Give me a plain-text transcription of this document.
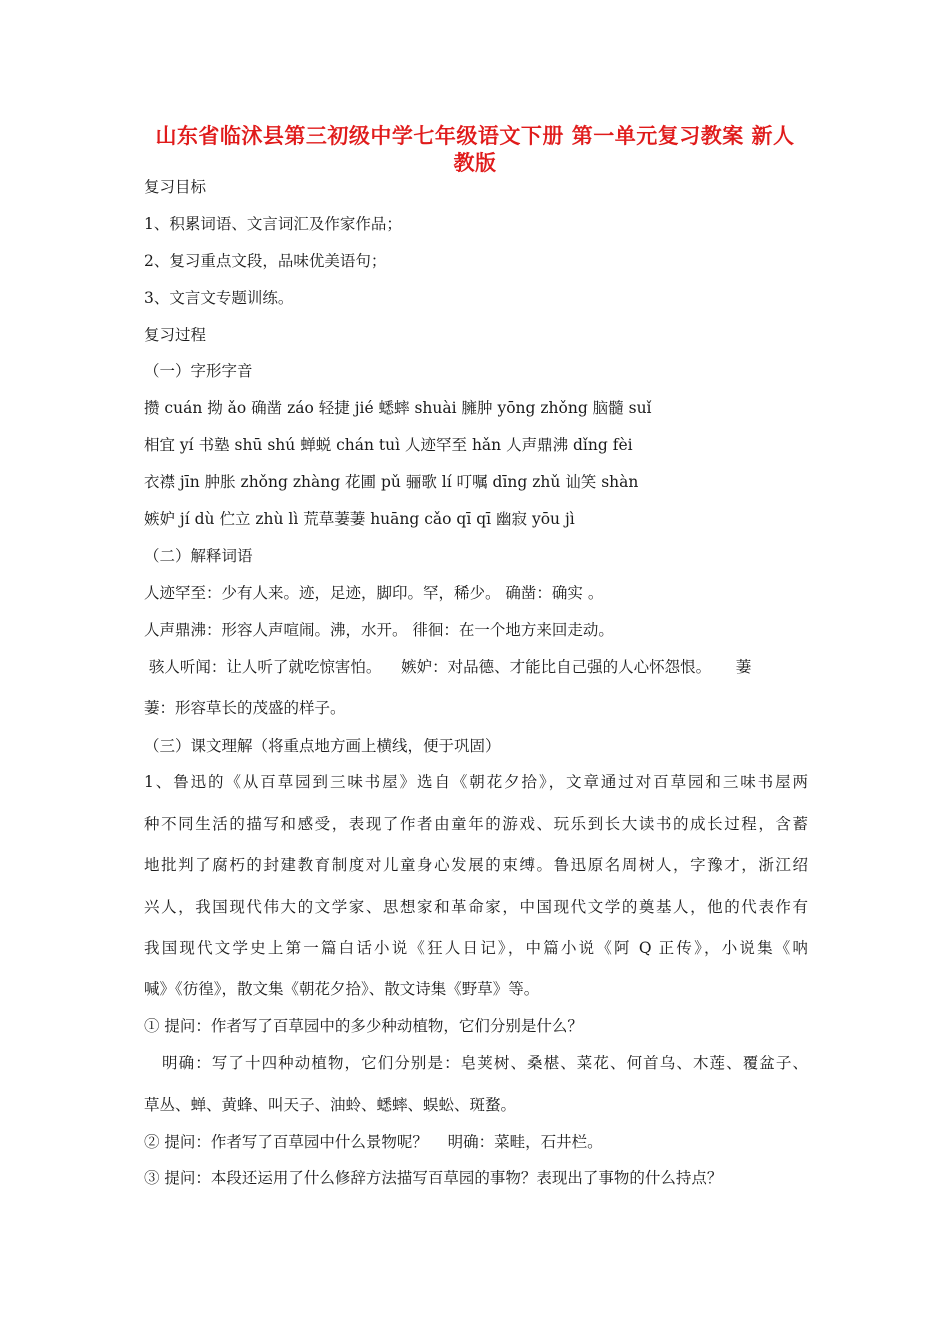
山东省临沭县第三初级中学七年级语文下册 第一单元复习教案 新人
教版
复习目标
1、积累词语、文言词汇及作家作品；
2、复习重点文段，品味优美语句；
3、文言文专题训练。
复习过程
（一）字形字音
攒 cuán 拗 ǎo 确凿 záo 轻捷 jié 蟋蟀 shuài 臃肿 yōng zhǒng 脑髓 suǐ
相宜 yí 书塾 shū shú 蝉蜕 chán tuì 人迹罕至 hǎn 人声鼎沸 dǐng fèi
衣襟 jīn 肿胀 zhǒng zhàng 花圃 pǔ 骊歌 lí 叮嘱 dīng zhǔ 讪笑 shàn
嫉妒 jí dù 伫立 zhù lì 荒草萋萋 huāng cǎo qī qī 幽寂 yōu jì
（二）解释词语
人迹罕至：少有人来。迹，足迹，脚印。罕，稀少。 确凿：确实 。
人声鼎沸：形容人声喧闹。沸，水开。 徘徊：在一个地方来回走动。
骇人听闻：让人听了就吃惊害怕。    嫉妒：对品德、才能比自己强的人心怀怨恨。     萋
萋：形容草长的茂盛的样子。
（三）课文理解（将重点地方画上横线，便于巩固）
1、鲁迅的《从百草园到三味书屋》选自《朝花夕拾》，文章通过对百草园和三味书屋两
种不同生活的描写和感受，表现了作者由童年的游戏、玩乐到长大读书的成长过程，含蓄
地批判了腐朽的封建教育制度对儿童身心发展的束缚。鲁迅原名周树人，字豫才，浙江绍
兴人，我国现代伟大的文学家、思想家和革命家，中国现代文学的奠基人，他的代表作有
我国现代文学史上第一篇白话小说《狂人日记》，中篇小说《阿 Q 正传》，小说集《呐
喊》《彷徨》，散文集《朝花夕拾》、散文诗集《野草》等。
① 提问：作者写了百草园中的多少种动植物，它们分别是什么？
明确：写了十四种动植物，它们分别是：皂荚树、桑椹、菜花、何首乌、木莲、覆盆子、
草丛、蝉、黄蜂、叫天子、油蛉、蟋蟀、蜈蚣、斑蝥。
② 提问：作者写了百草园中什么景物呢？    明确：菜畦，石井栏。
③ 提问：本段还运用了什么修辞方法描写百草园的事物？表现出了事物的什么持点？
